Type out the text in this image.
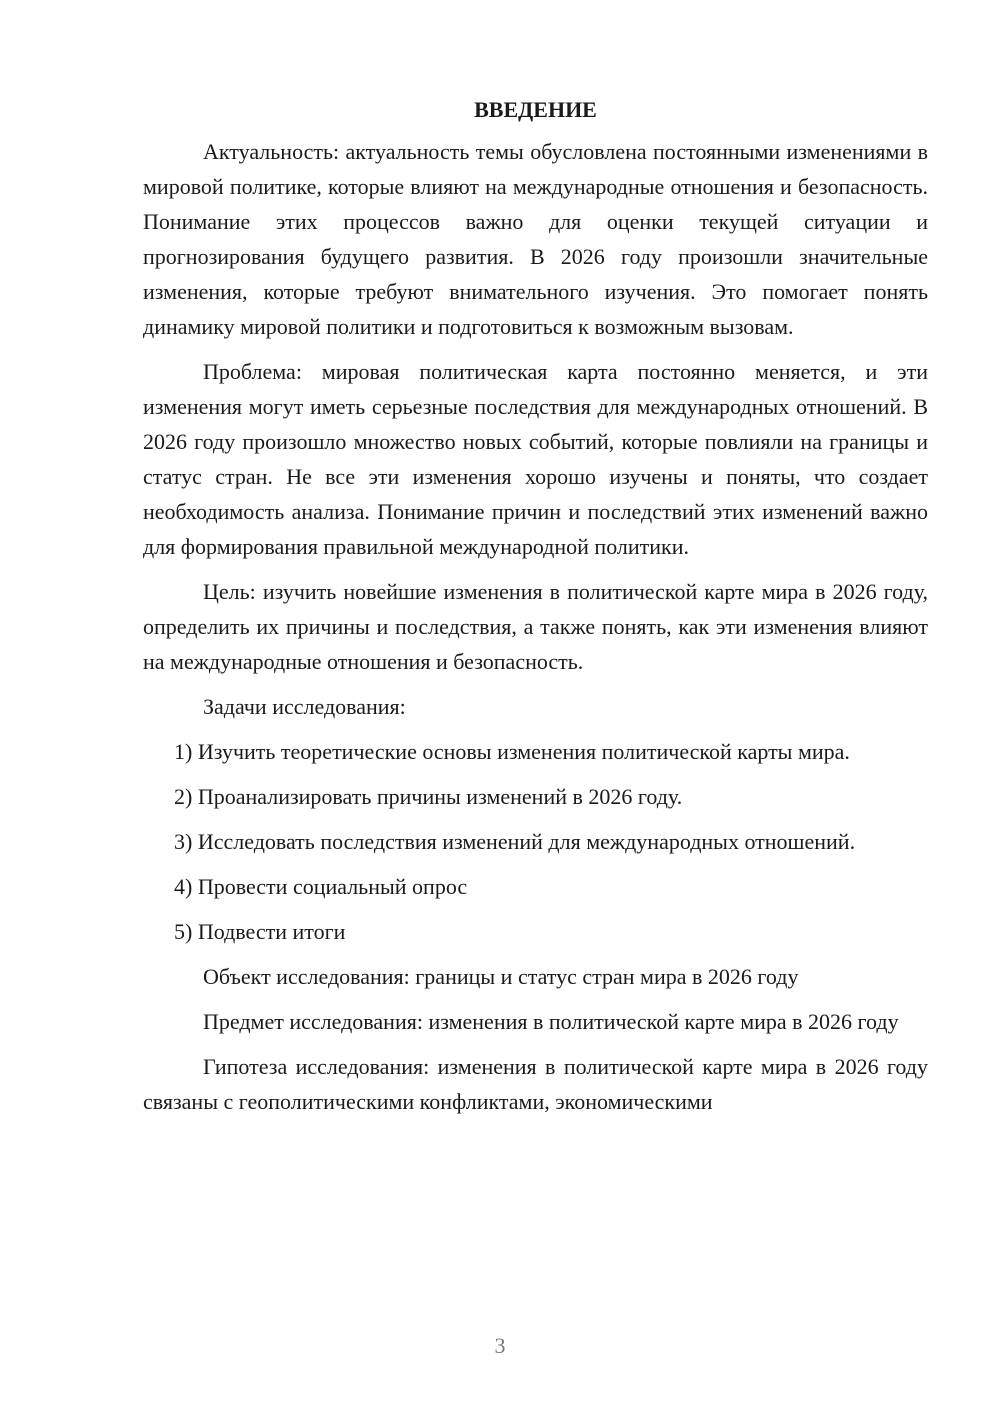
ВВЕДЕНИЕ

Актуальность: актуальность темы обусловлена постоянными изменениями в мировой политике, которые влияют на международные отношения и безопасность. Понимание этих процессов важно для оценки текущей ситуации и прогнозирования будущего развития. В 2026 году произошли значительные изменения, которые требуют внимательного изучения. Это помогает понять динамику мировой политики и подготовиться к возможным вызовам.

Проблема: мировая политическая карта постоянно меняется, и эти изменения могут иметь серьезные последствия для международных отношений. В 2026 году произошло множество новых событий, которые повлияли на границы и статус стран. Не все эти изменения хорошо изучены и поняты, что создает необходимость анализа. Понимание причин и последствий этих изменений важно для формирования правильной международной политики.

Цель: изучить новейшие изменения в политической карте мира в 2026 году, определить их причины и последствия, а также понять, как эти изменения влияют на международные отношения и безопасность.

Задачи исследования:

1) Изучить теоретические основы изменения политической карты мира.

2) Проанализировать причины изменений в 2026 году.

3) Исследовать последствия изменений для международных отношений.

4) Провести социальный опрос

5) Подвести итоги

Объект исследования: границы и статус стран мира в 2026 году

Предмет исследования: изменения в политической карте мира в 2026 году

Гипотеза исследования: изменения в политической карте мира в 2026 году связаны с геополитическими конфликтами, экономическими

3
